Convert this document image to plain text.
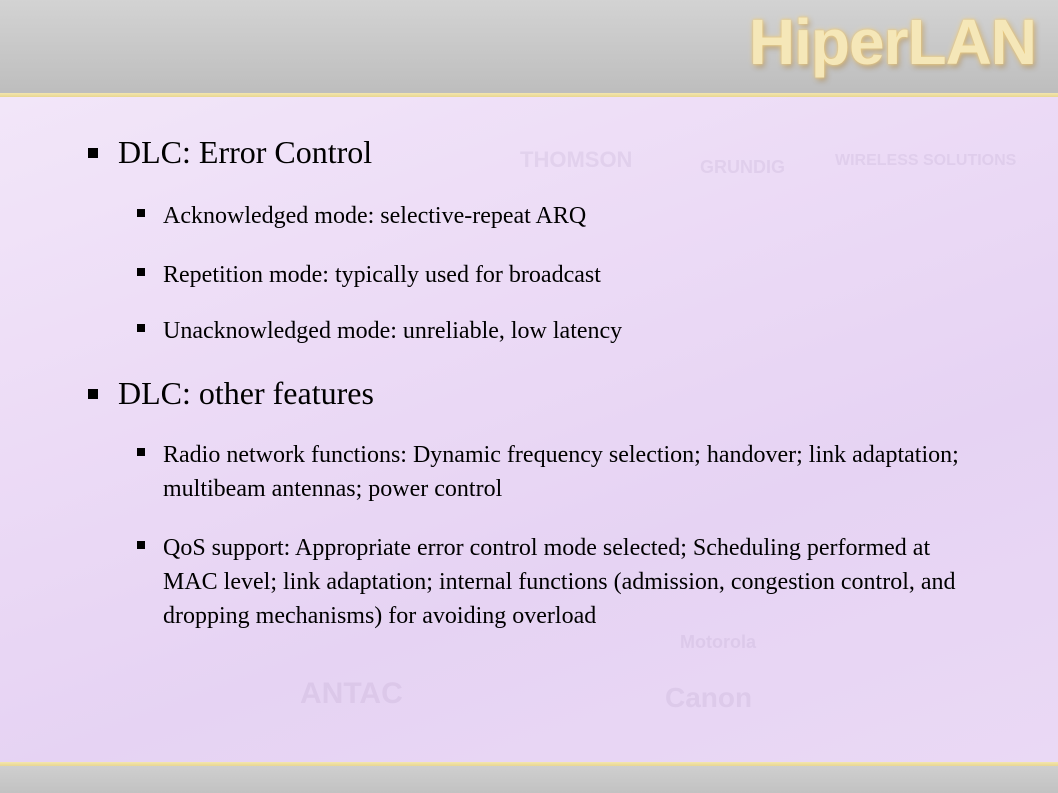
HiperLAN
THOMSON	GRUNDIG	WIRELESS SOLUTIONS
Canon
ANTAC
Motorola
DLC: Error Control
Acknowledged mode: selective-repeat ARQ
Repetition mode: typically used for broadcast
Unacknowledged mode: unreliable, low latency
DLC: other features
Radio network functions: Dynamic frequency selection; handover; link adaptation; multibeam antennas; power control
QoS support: Appropriate error control mode selected; Scheduling performed at MAC level; link adaptation; internal functions (admission, congestion control, and dropping mechanisms) for avoiding overload
